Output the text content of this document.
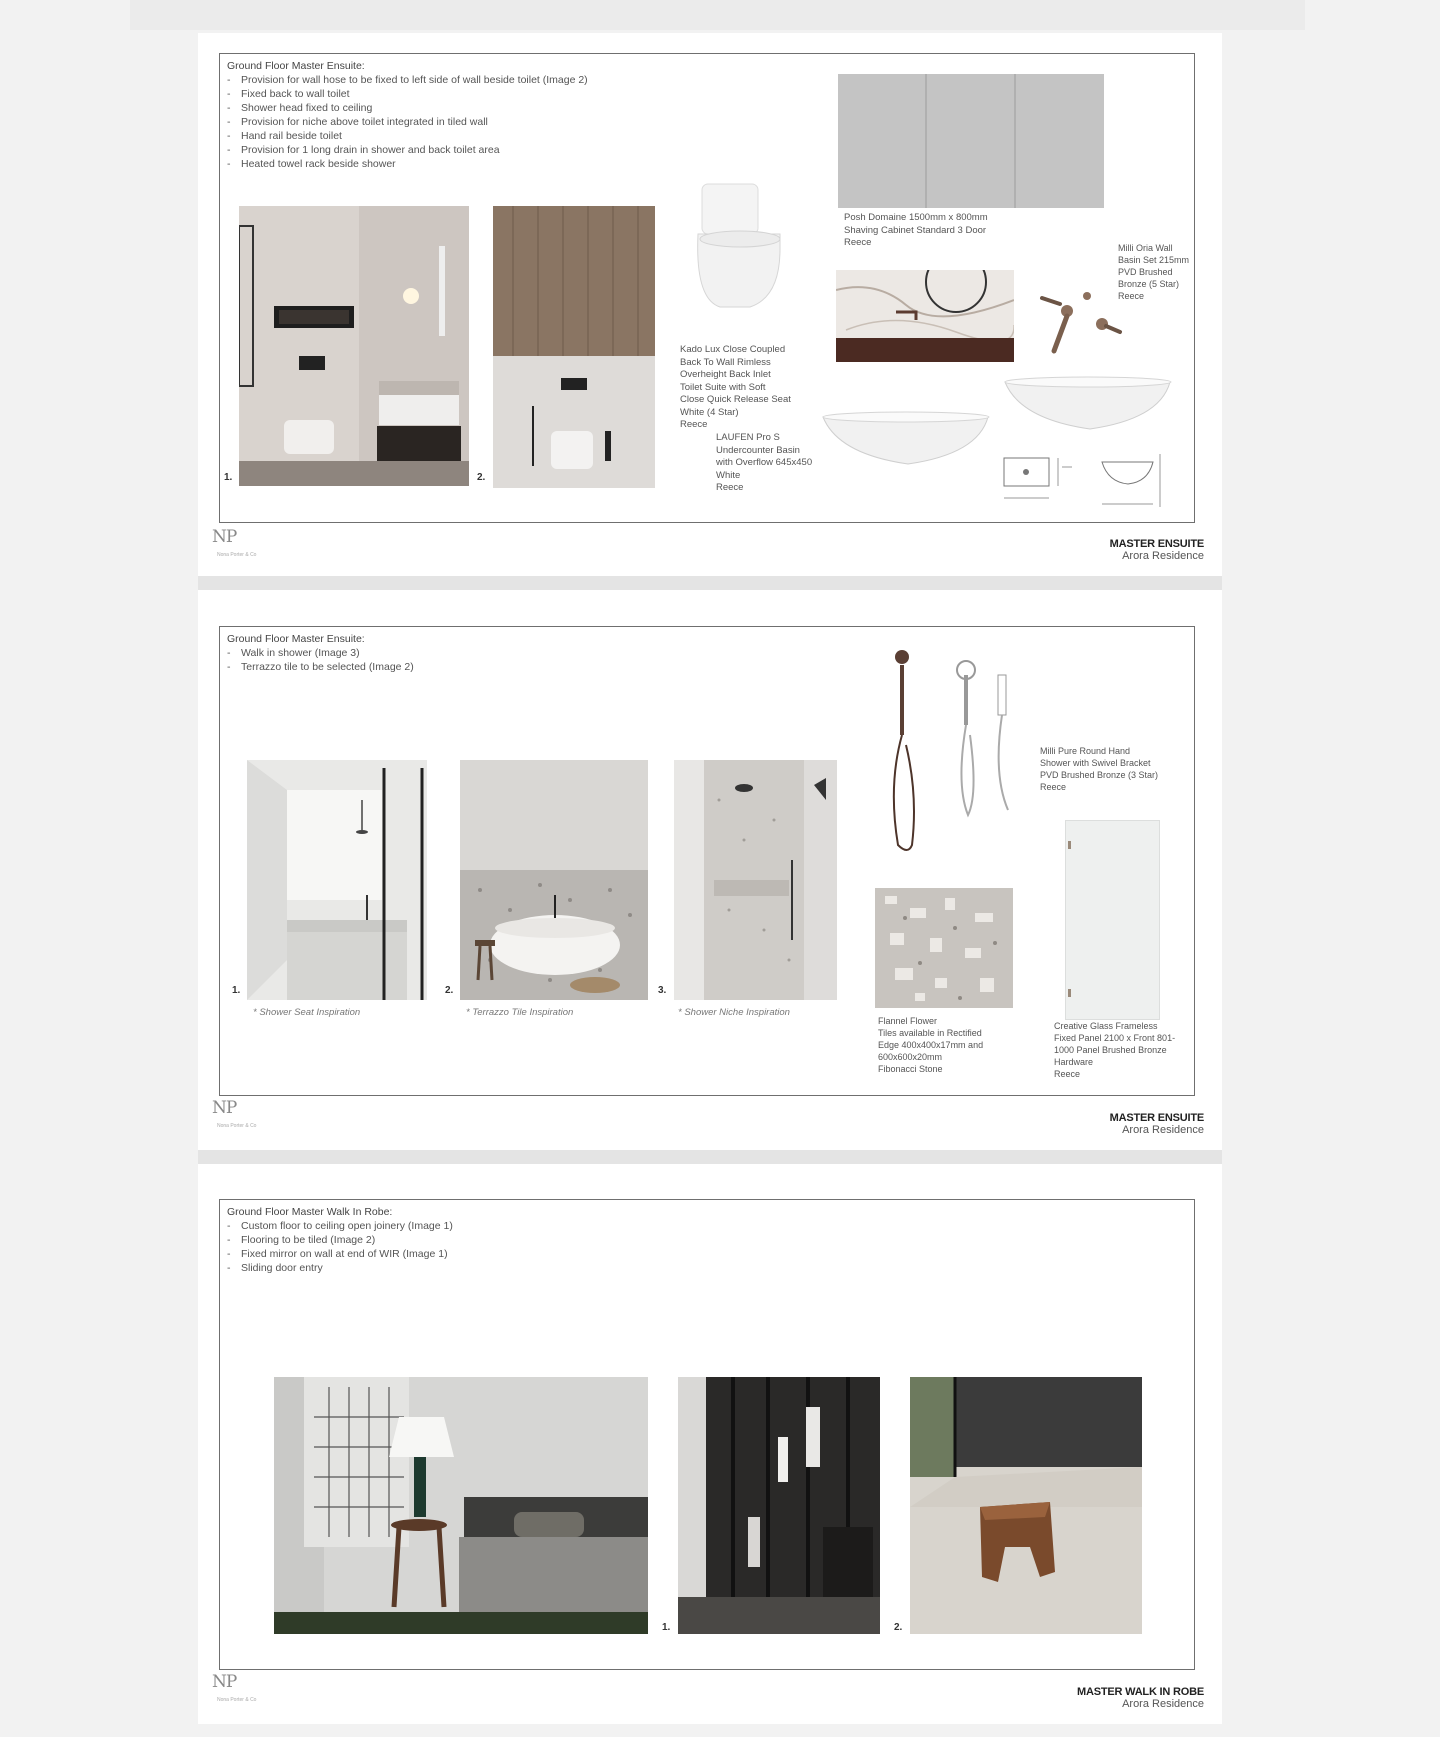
Ground Floor Master Ensuite:
- Provision for wall hose to be fixed to left side of wall beside toilet (Image 2)
- Fixed back to wall toilet
- Shower head fixed to ceiling
- Provision for niche above toilet integrated in tiled wall
- Hand rail beside toilet
- Provision for 1 long drain in shower and back toilet area
- Heated towel rack beside shower
1.	2.
Kado Lux Close Coupled
Back To Wall Rimless
Overheight Back Inlet
Toilet Suite with Soft
Close Quick Release Seat
White (4 Star)
Reece
Posh Domaine 1500mm x 800mm
Shaving Cabinet Standard 3 Door
Reece	Milli Oria Wall
Basin Set 215mm
PVD Brushed
Bronze (5 Star)
Reece
LAUFEN Pro S
Undercounter Basin
with Overflow 645x450
White
Reece
NP
Nona Porter & Co
MASTER ENSUITE
Arora Residence
Ground Floor Master Ensuite:
- Walk in shower (Image 3)
- Terrazzo tile to be selected (Image 2)
1.
* Shower Seat Inspiration
2.
* Terrazzo Tile Inspiration
3.
* Shower Niche Inspiration
Milli Pure Round Hand
Shower with Swivel Bracket
PVD Brushed Bronze (3 Star)
Reece
Flannel Flower
Tiles available in Rectified
Edge 400x400x17mm and
600x600x20mm
Fibonacci Stone
Creative Glass Frameless
Fixed Panel 2100 x Front 801-
1000 Panel Brushed Bronze
Hardware
Reece
NP
Nona Porter & Co
MASTER ENSUITE
Arora Residence
Ground Floor Master Walk In Robe:
- Custom floor to ceiling open joinery (Image 1)
- Flooring to be tiled (Image 2)
- Fixed mirror on wall at end of WIR (Image 1)
- Sliding door entry
1.	2.
NP
Nona Porter & Co
MASTER WALK IN ROBE
Arora Residence
